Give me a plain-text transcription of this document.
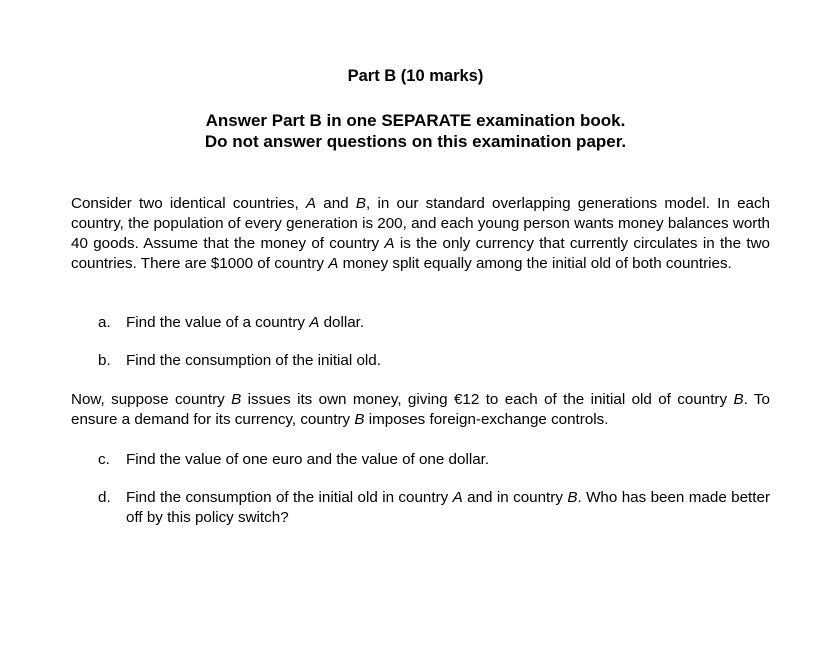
Part B (10 marks)
Answer Part B in one SEPARATE examination book.
Do not answer questions on this examination paper.
Consider two identical countries, A and B, in our standard overlapping generations model. In each country, the population of every generation is 200, and each young person wants money balances worth 40 goods. Assume that the money of country A is the only currency that currently circulates in the two countries. There are $1000 of country A money split equally among the initial old of both countries.
a.	Find the value of a country A dollar.
b.	Find the consumption of the initial old.
Now, suppose country B issues its own money, giving €12 to each of the initial old of country B. To ensure a demand for its currency, country B imposes foreign-exchange controls.
c.	Find the value of one euro and the value of one dollar.
d.	Find the consumption of the initial old in country A and in country B. Who has been made better off by this policy switch?
